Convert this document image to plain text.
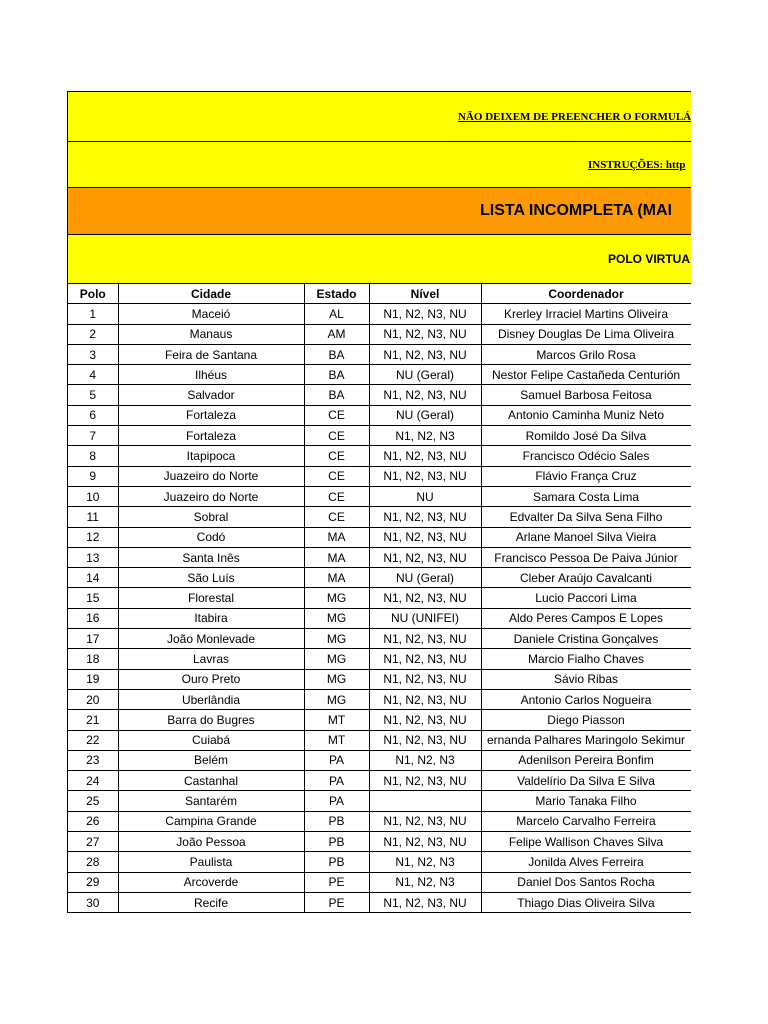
NÃO DEIXEM DE PREENCHER O FORMULÁ
INSTRUÇÕES: http
LISTA INCOMPLETA (MAI
POLO VIRTUA
Polo	Cidade	Estado	Nível	Coordenador
1	Maceió	AL	N1, N2, N3, NU	Krerley Irraciel Martins Oliveira
2	Manaus	AM	N1, N2, N3, NU	Disney Douglas De Lima Oliveira
3	Feira de Santana	BA	N1, N2, N3, NU	Marcos Grilo Rosa
4	Ilhéus	BA	NU (Geral)	Nestor Felipe Castañeda Centurión
5	Salvador	BA	N1, N2, N3, NU	Samuel Barbosa Feitosa
6	Fortaleza	CE	NU (Geral)	Antonio Caminha Muniz Neto
7	Fortaleza	CE	N1, N2, N3	Romildo José Da Silva
8	Itapipoca	CE	N1, N2, N3, NU	Francisco Odécio Sales
9	Juazeiro do Norte	CE	N1, N2, N3, NU	Flávio França Cruz
10	Juazeiro do Norte	CE	NU	Samara Costa Lima
11	Sobral	CE	N1, N2, N3, NU	Edvalter Da Silva Sena Filho
12	Codó	MA	N1, N2, N3, NU	Arlane Manoel Silva Vieira
13	Santa Inês	MA	N1, N2, N3, NU	Francisco Pessoa De Paiva Júnior
14	São Luís	MA	NU (Geral)	Cleber Araújo Cavalcanti
15	Florestal	MG	N1, N2, N3, NU	Lucio Paccori Lima
16	Itabira	MG	NU (UNIFEI)	Aldo Peres Campos E Lopes
17	João Monlevade	MG	N1, N2, N3, NU	Daniele Cristina Gonçalves
18	Lavras	MG	N1, N2, N3, NU	Marcio Fialho Chaves
19	Ouro Preto	MG	N1, N2, N3, NU	Sávio Ribas
20	Uberlândia	MG	N1, N2, N3, NU	Antonio Carlos Nogueira
21	Barra do Bugres	MT	N1, N2, N3, NU	Diego Piasson
22	Cuiabá	MT	N1, N2, N3, NU	ernanda Palhares Maringolo Sekimur
23	Belém	PA	N1, N2, N3	Adenilson Pereira Bonfim
24	Castanhal	PA	N1, N2, N3, NU	Valdelírio Da Silva E Silva
25	Santarém	PA		Mario Tanaka Filho
26	Campina Grande	PB	N1, N2, N3, NU	Marcelo Carvalho Ferreira
27	João Pessoa	PB	N1, N2, N3, NU	Felipe Wallison Chaves Silva
28	Paulista	PB	N1, N2, N3	Jonilda Alves Ferreira
29	Arcoverde	PE	N1, N2, N3	Daniel Dos Santos Rocha
30	Recife	PE	N1, N2, N3, NU	Thiago Dias Oliveira Silva
